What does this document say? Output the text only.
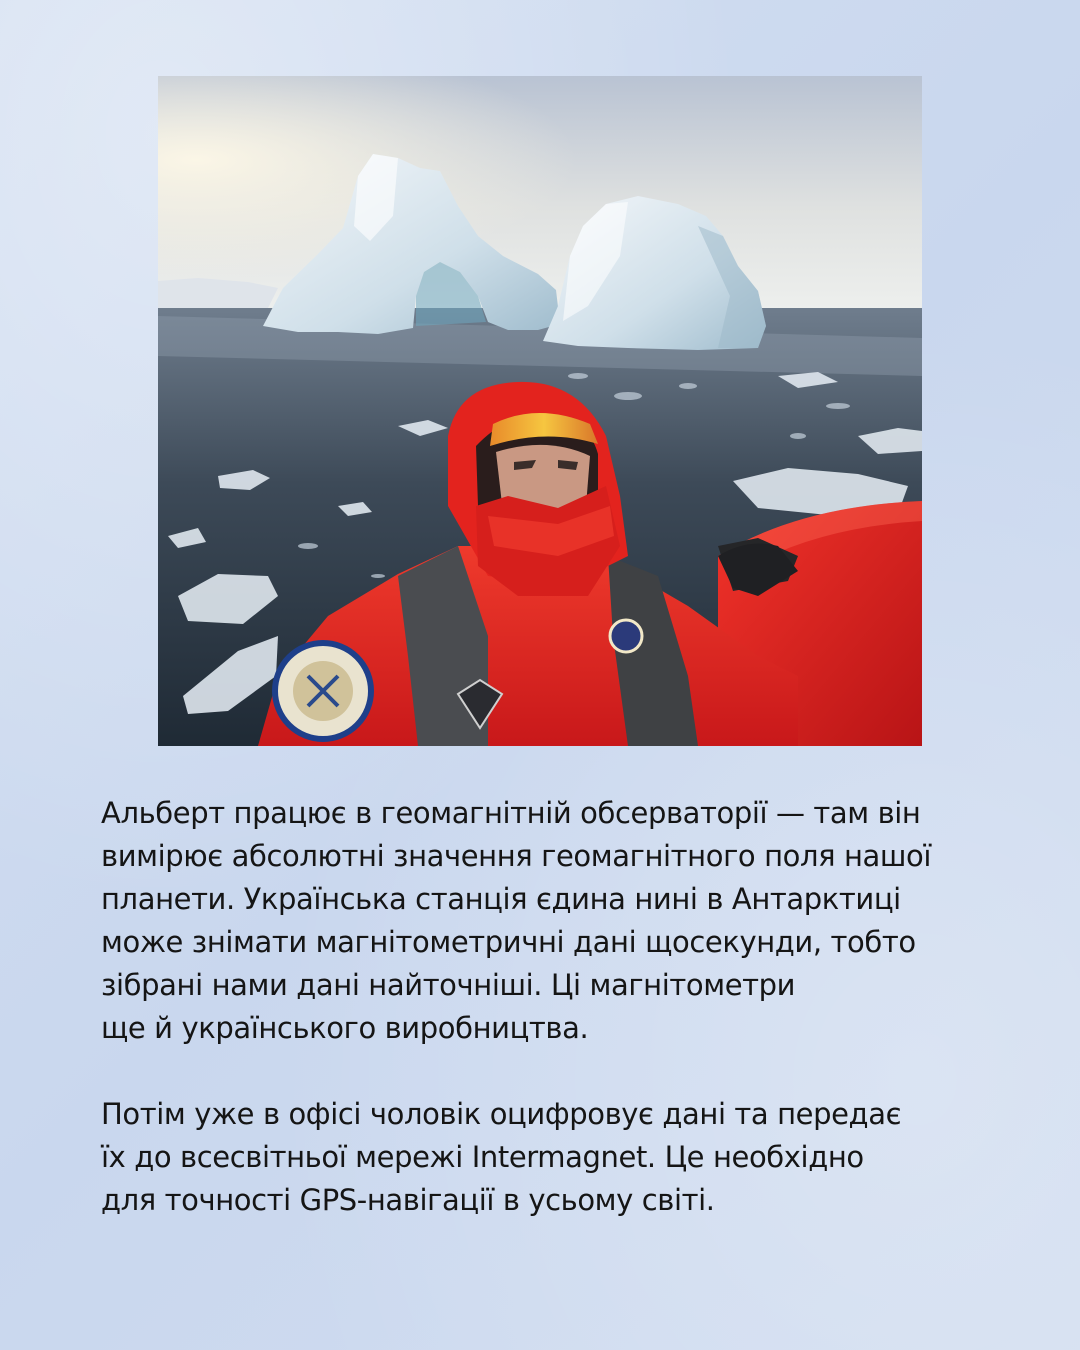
Альберт працює в геомагнітній обсерваторії — там він
вимірює абсолютні значення геомагнітного поля нашої
планети. Українська станція єдина нині в Антарктиці
може знімати магнітометричні дані щосекунди, тобто
зібрані нами дані найточніші. Ці магнітометри
ще й українського виробництва.

Потім уже в офісі чоловік оцифровує дані та передає
їх до всесвітньої мережі Intermagnet. Це необхідно
для точності GPS-навігації в усьому світі.
